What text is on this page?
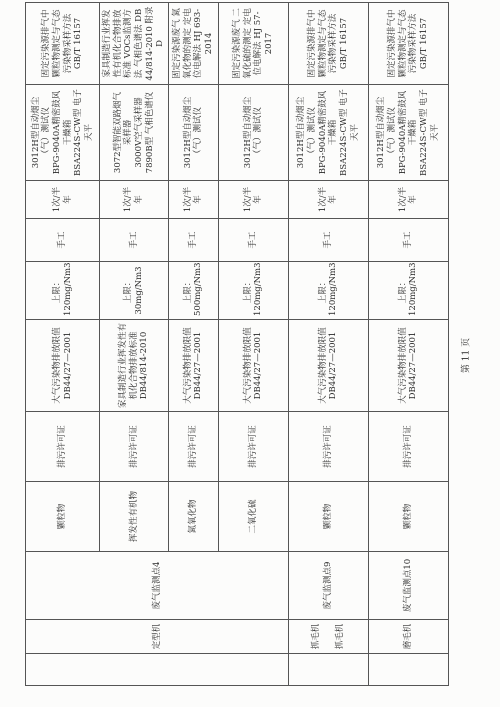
	定型机	废气监测点4	颗粒物	排污许可证	大气污染物排放限值 DB44/27—2001	上限：120mg/Nm3	手工	1次/半年	3012H型自动烟尘（气）测试仪 BPG-9040A精密鼓风干燥箱 BSA224S-CW型 电子天平	固定污染源排气中颗粒物测定与气态污染物采样方法 GB/T 16157
			挥发性有机物	排污许可证	家具制造行业挥发性有机化合物排放标准 DB44/814-2010	上限：30mg/Nm3	手工	1次/半年	3072型智能双路烟气采样器 3000V空气采样器 7890B型 气相色谱仪	家具制造行业挥发性有机化合物排放标准 VOCs监测方法 气相色谱法 DB 44/814-2010 附录D
			氮氧化物	排污许可证	大气污染物排放限值 DB44/27—2001	上限：500mg/Nm3	手工	1次/半年	3012H型自动烟尘（气）测试仪	固定污染源废气 氮氧化物的测定 定电位电解法 HJ 693-2014
			二氧化硫	排污许可证	大气污染物排放限值 DB44/27—2001	上限：120mg/Nm3	手工	1次/半年	3012H型自动烟尘（气）测试仪	固定污染源废气 二氧化硫的测定 定电位电解法 HJ 57-2017

	抓毛机 抓毛机	废气监测点9	颗粒物	排污许可证	大气污染物排放限值 DB44/27—2001	上限：120mg/Nm3	手工	1次/半年	3012H型自动烟尘（气）测试仪 BPG-9040A精密鼓风干燥箱 BSA224S-CW型 电子天平	固定污染源排气中颗粒物测定与气态污染物采样方法 GB/T 16157
	磨毛机	废气监测点10	颗粒物	排污许可证	大气污染物排放限值 DB44/27—2001	上限：120mg/Nm3	手工	1次/半年	3012H型自动烟尘（气）测试仪 BPG-9040A精密鼓风干燥箱 BSA224S-CW型 电子天平	固定污染源排气中颗粒物测定与气态污染物采样方法 GB/T 16157
第 11 页
